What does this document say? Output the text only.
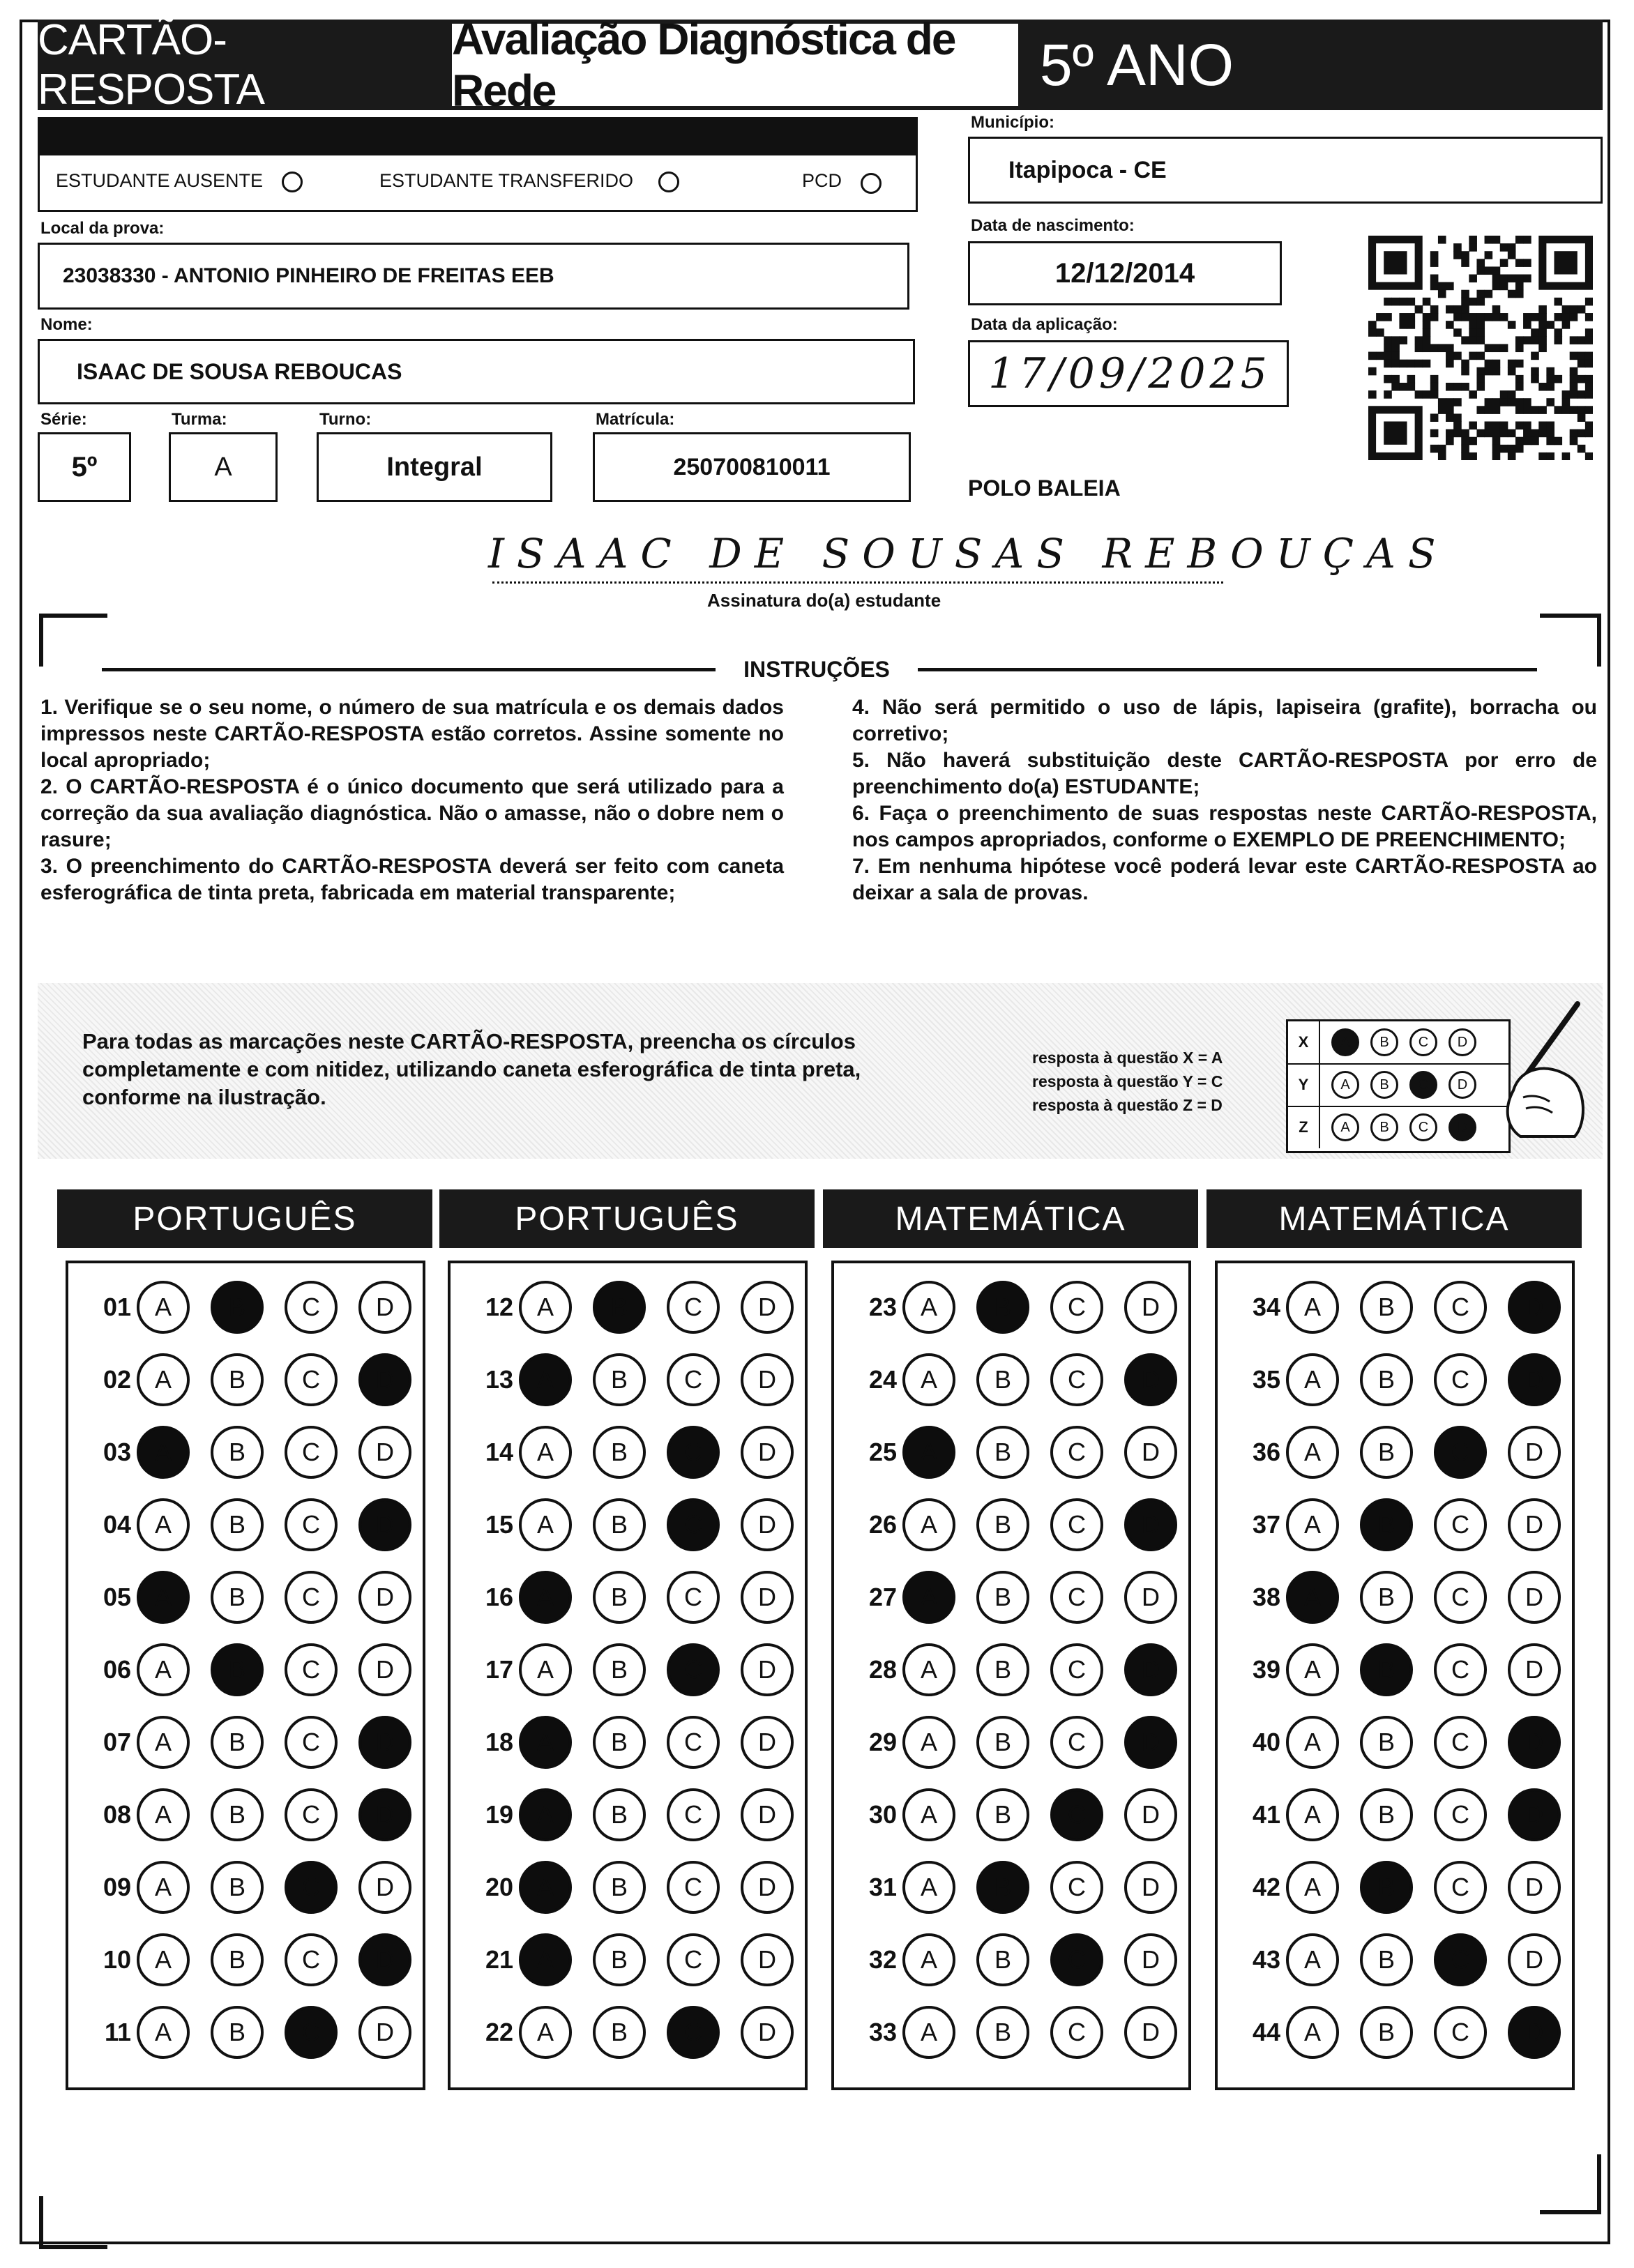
CARTÃO-RESPOSTA
Avaliação Diagnóstica de Rede	5º ANO
ESTUDANTE AUSENTE	ESTUDANTE TRANSFERIDO	PCD
Município:
Itapipoca - CE
Local da prova:
23038330 - ANTONIO PINHEIRO DE FREITAS EEB
Data de nascimento:
12/12/2014
Nome:
ISAAC DE SOUSA REBOUCAS
Data da aplicação:
17/09/2025
Série:
5º
Turma:
A
Turno:
Integral
Matrícula:
250700810011
POLO BALEIA
ISAAC DE SOUSAS REBOUÇAS
Assinatura do(a) estudante
INSTRUÇÕES

1. Verifique se o seu nome, o número de sua matrícula e os demais dados impressos neste CARTÃO-RESPOSTA estão corretos. Assine somente no local apropriado;

2. O CARTÃO-RESPOSTA é o único documento que será utilizado para a correção da sua avaliação diagnóstica. Não o amasse, não o dobre nem o rasure;

3. O preenchimento do CARTÃO-RESPOSTA deverá ser feito com caneta esferográfica de tinta preta, fabricada em material transparente;

4. Não será permitido o uso de lápis, lapiseira (grafite), borracha ou corretivo;

5. Não haverá substituição deste CARTÃO-RESPOSTA por erro de preenchimento do(a) ESTUDANTE;

6. Faça o preenchimento de suas respostas neste CARTÃO-RESPOSTA, nos campos apropriados, conforme o EXEMPLO DE PREENCHIMENTO;

7. Em nenhuma hipótese você poderá levar este CARTÃO-RESPOSTA ao deixar a sala de provas.

Para todas as marcações neste CARTÃO-RESPOSTA, preencha os círculos completamente e com nitidez, utilizando caneta esferográfica de tinta preta, conforme na ilustração.
resposta à questão X = A
resposta à questão Y = C
resposta à questão Z = D
X	A	B	C	D
Y	A	B	C	D
Z	A	B	C	D
PORTUGUÊS
01 A	B	C	D
02 A	B	C	D
03 A	B	C	D
04 A	B	C	D
05 A	B	C	D
06 A	B	C	D
07 A	B	C	D
08 A	B	C	D
09 A	B	C	D
10 A	B	C	D
11 A	B	C	D
PORTUGUÊS
12 A	B	C	D
13 A	B	C	D
14 A	B	C	D
15 A	B	C	D
16 A	B	C	D
17 A	B	C	D
18 A	B	C	D
19 A	B	C	D
20 A	B	C	D
21 A	B	C	D
22 A	B	C	D
MATEMÁTICA
23 A	B	C	D
24 A	B	C	D
25 A	B	C	D
26 A	B	C	D
27 A	B	C	D
28 A	B	C	D
29 A	B	C	D
30 A	B	C	D
31 A	B	C	D
32 A	B	C	D
33 A	B	C	D
MATEMÁTICA
34 A	B	C	D
35 A	B	C	D
36 A	B	C	D
37 A	B	C	D
38 A	B	C	D
39 A	B	C	D
40 A	B	C	D
41 A	B	C	D
42 A	B	C	D
43 A	B	C	D
44 A	B	C	D
